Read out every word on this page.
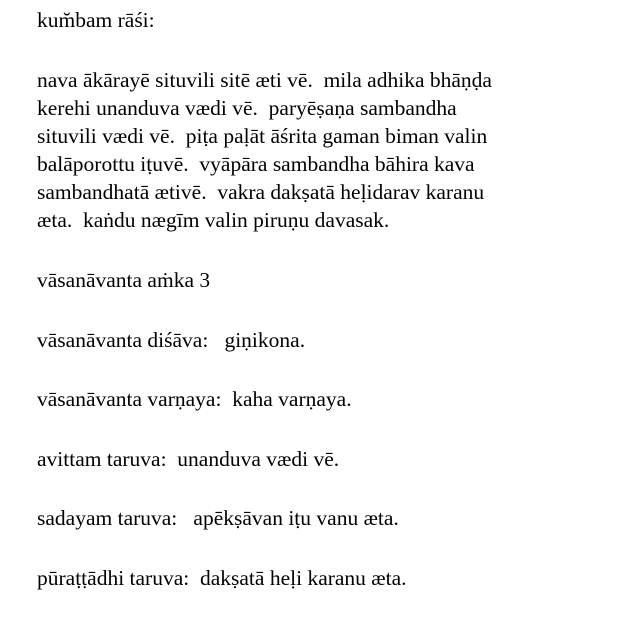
kum̆bam rāśi:
nava ākārayē situvili sitē æti vē.  mila adhika bhāṇḍa
kerehi unanduva vædi vē.  paryēṣaṇa sambandha
situvili vædi vē.  piṭa paḷāt āśrita gaman biman valin
balāporottu iṭuvē.  vyāpāra sambandha bāhira kava
sambandhatā ætivē.  vakra dakṣatā heḷidarav karanu
æta.  kaṅdu nægīm valin piruṇu davasak.
vāsanāvanta aṁka 3
vāsanāvanta diśāva:   giṇikona.
vāsanāvanta varṇaya:  kaha varṇaya.
avittam taruva:  unanduva vædi vē.
sadayam taruva:   apēkṣāvan iṭu vanu æta.
pūraṭṭādhi taruva:  dakṣatā heḷi karanu æta.
